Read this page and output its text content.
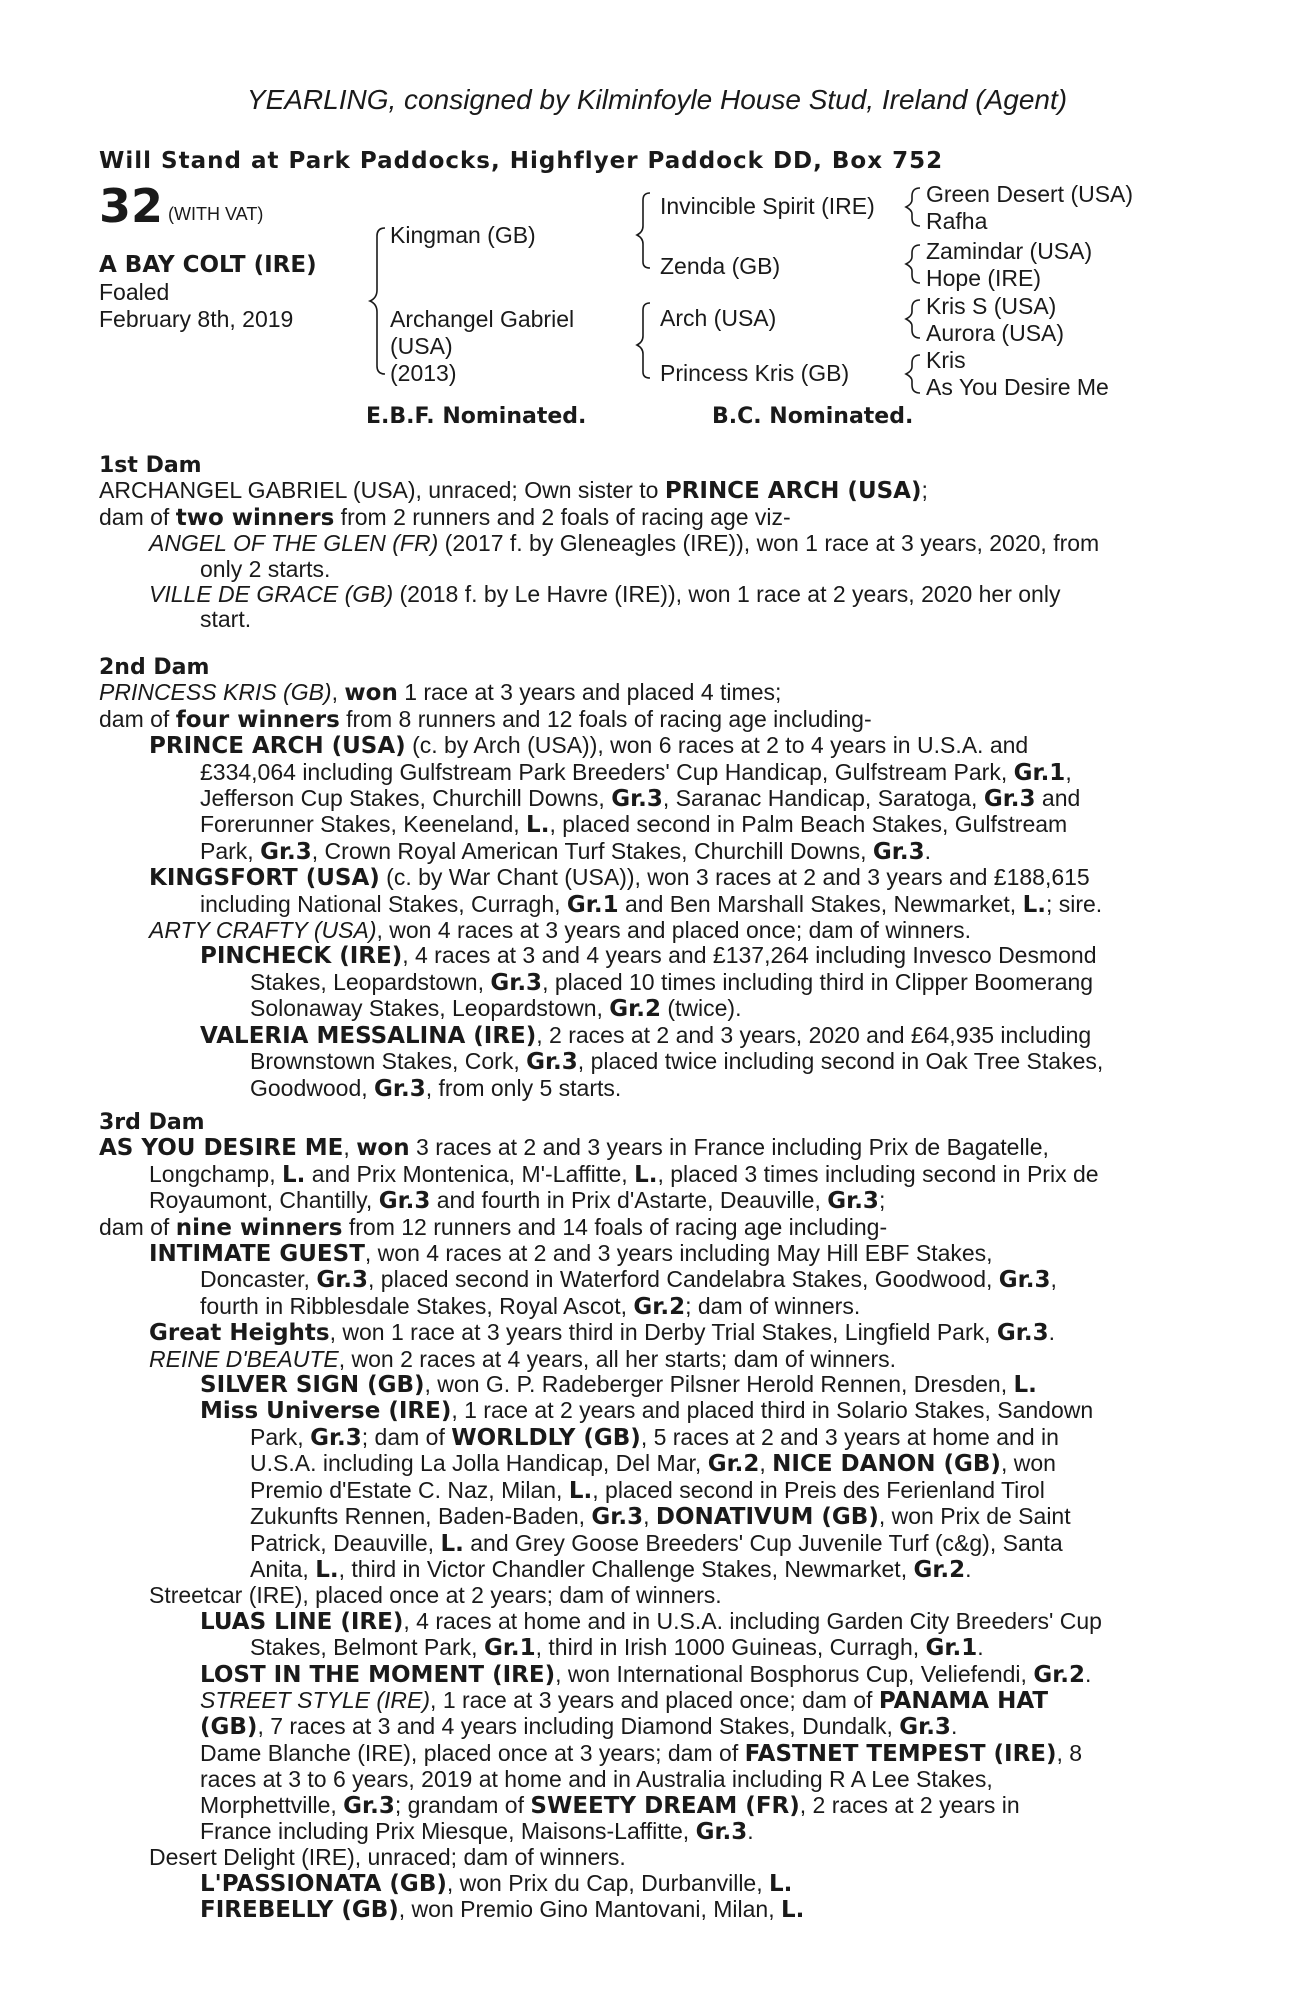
YEARLING, consigned by Kilminfoyle House Stud, Ireland (Agent)
Will Stand at Park Paddocks, Highflyer Paddock DD, Box 752
32 (WITH VAT)
A BAY COLT (IRE)
Foaled
February 8th, 2019
Kingman (GB)
Archangel Gabriel
(USA)
(2013)
Invincible Spirit (IRE)
Zenda (GB)
Arch (USA)
Princess Kris (GB)
Green Desert (USA)
Rafha
Zamindar (USA)
Hope (IRE)
Kris S (USA)
Aurora (USA)
Kris
As You Desire Me
E.B.F. Nominated.	B.C. Nominated.
1st Dam
ARCHANGEL GABRIEL (USA), unraced; Own sister to PRINCE ARCH (USA);
dam of two winners from 2 runners and 2 foals of racing age viz-
ANGEL OF THE GLEN (FR) (2017 f. by Gleneagles (IRE)), won 1 race at 3 years, 2020, from
only 2 starts.
VILLE DE GRACE (GB) (2018 f. by Le Havre (IRE)), won 1 race at 2 years, 2020 her only
start.
2nd Dam
PRINCESS KRIS (GB), won 1 race at 3 years and placed 4 times;
dam of four winners from 8 runners and 12 foals of racing age including-
PRINCE ARCH (USA) (c. by Arch (USA)), won 6 races at 2 to 4 years in U.S.A. and
£334,064 including Gulfstream Park Breeders' Cup Handicap, Gulfstream Park, Gr.1,
Jefferson Cup Stakes, Churchill Downs, Gr.3, Saranac Handicap, Saratoga, Gr.3 and
Forerunner Stakes, Keeneland, L., placed second in Palm Beach Stakes, Gulfstream
Park, Gr.3, Crown Royal American Turf Stakes, Churchill Downs, Gr.3.
KINGSFORT (USA) (c. by War Chant (USA)), won 3 races at 2 and 3 years and £188,615
including National Stakes, Curragh, Gr.1 and Ben Marshall Stakes, Newmarket, L.; sire.
ARTY CRAFTY (USA), won 4 races at 3 years and placed once; dam of winners.
PINCHECK (IRE), 4 races at 3 and 4 years and £137,264 including Invesco Desmond
Stakes, Leopardstown, Gr.3, placed 10 times including third in Clipper Boomerang
Solonaway Stakes, Leopardstown, Gr.2 (twice).
VALERIA MESSALINA (IRE), 2 races at 2 and 3 years, 2020 and £64,935 including
Brownstown Stakes, Cork, Gr.3, placed twice including second in Oak Tree Stakes,
Goodwood, Gr.3, from only 5 starts.
3rd Dam
AS YOU DESIRE ME, won 3 races at 2 and 3 years in France including Prix de Bagatelle,
Longchamp, L. and Prix Montenica, M'-Laffitte, L., placed 3 times including second in Prix de
Royaumont, Chantilly, Gr.3 and fourth in Prix d'Astarte, Deauville, Gr.3;
dam of nine winners from 12 runners and 14 foals of racing age including-
INTIMATE GUEST, won 4 races at 2 and 3 years including May Hill EBF Stakes,
Doncaster, Gr.3, placed second in Waterford Candelabra Stakes, Goodwood, Gr.3,
fourth in Ribblesdale Stakes, Royal Ascot, Gr.2; dam of winners.
Great Heights, won 1 race at 3 years third in Derby Trial Stakes, Lingfield Park, Gr.3.
REINE D'BEAUTE, won 2 races at 4 years, all her starts; dam of winners.
SILVER SIGN (GB), won G. P. Radeberger Pilsner Herold Rennen, Dresden, L.
Miss Universe (IRE), 1 race at 2 years and placed third in Solario Stakes, Sandown
Park, Gr.3; dam of WORLDLY (GB), 5 races at 2 and 3 years at home and in
U.S.A. including La Jolla Handicap, Del Mar, Gr.2, NICE DANON (GB), won
Premio d'Estate C. Naz, Milan, L., placed second in Preis des Ferienland Tirol
Zukunfts Rennen, Baden-Baden, Gr.3, DONATIVUM (GB), won Prix de Saint
Patrick, Deauville, L. and Grey Goose Breeders' Cup Juvenile Turf (c&g), Santa
Anita, L., third in Victor Chandler Challenge Stakes, Newmarket, Gr.2.
Streetcar (IRE), placed once at 2 years; dam of winners.
LUAS LINE (IRE), 4 races at home and in U.S.A. including Garden City Breeders' Cup
Stakes, Belmont Park, Gr.1, third in Irish 1000 Guineas, Curragh, Gr.1.
LOST IN THE MOMENT (IRE), won International Bosphorus Cup, Veliefendi, Gr.2.
STREET STYLE (IRE), 1 race at 3 years and placed once; dam of PANAMA HAT
(GB), 7 races at 3 and 4 years including Diamond Stakes, Dundalk, Gr.3.
Dame Blanche (IRE), placed once at 3 years; dam of FASTNET TEMPEST (IRE), 8
races at 3 to 6 years, 2019 at home and in Australia including R A Lee Stakes,
Morphettville, Gr.3; grandam of SWEETY DREAM (FR), 2 races at 2 years in
France including Prix Miesque, Maisons-Laffitte, Gr.3.
Desert Delight (IRE), unraced; dam of winners.
L'PASSIONATA (GB), won Prix du Cap, Durbanville, L.
FIREBELLY (GB), won Premio Gino Mantovani, Milan, L.
